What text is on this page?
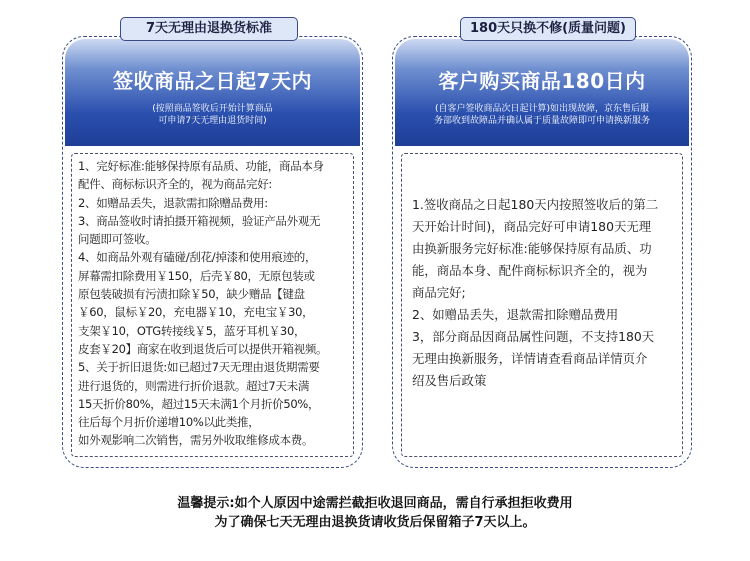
签收商品之日起7天内
(按照商品签收后开始计算商品
可申请7天无理由退货时间)

1、完好标准:能够保持原有品质、功能，商品本身
配件、商标标识齐全的，视为商品完好:
2、如赠品丢失，退款需扣除赠品费用:
3、商品签收时请拍摄开箱视频，验证产品外观无
问题即可签收。
4、如商品外观有磕碰/刮花/掉漆和使用痕迹的，
屏幕需扣除费用￥150，后壳￥80，无原包装或
原包装破损有污渍扣除￥50，缺少赠品【键盘
￥60，鼠标￥20，充电器￥10，充电宝￥30，
支架￥10，OTG转接线￥5，蓝牙耳机￥30，
皮套￥20】商家在收到退货后可以提供开箱视频。
5、关于折旧退货:如已超过7天无理由退货期需要
进行退货的，则需进行折价退款。超过7天未满
15天折价80%，超过15天未满1个月折价50%，
往后每个月折价递增10%以此类推，
如外观影响二次销售，需另外收取维修成本费。

7天无理由退换货标准
客户购买商品180日内
(自客户签收商品次日起计算)如出现故障，京东售后服
务部收到故障品并确认属于质量故障即可申请换新服务

1.签收商品之日起180天内按照签收后的第二
天开始计时间)，商品完好可申请180天无理
由换新服务完好标准:能够保持原有品质、功
能，商品本身、配件商标标识齐全的，视为
商品完好;
2、如赠品丢失，退款需扣除赠品费用
3，部分商品因商品属性问题，不支持180天
无理由换新服务，详情请查看商品详情页介
绍及售后政策

180天只换不修(质量问题)
温馨提示:如个人原因中途需拦截拒收退回商品，需自行承担拒收费用
为了确保七天无理由退换货请收货后保留箱子7天以上。
